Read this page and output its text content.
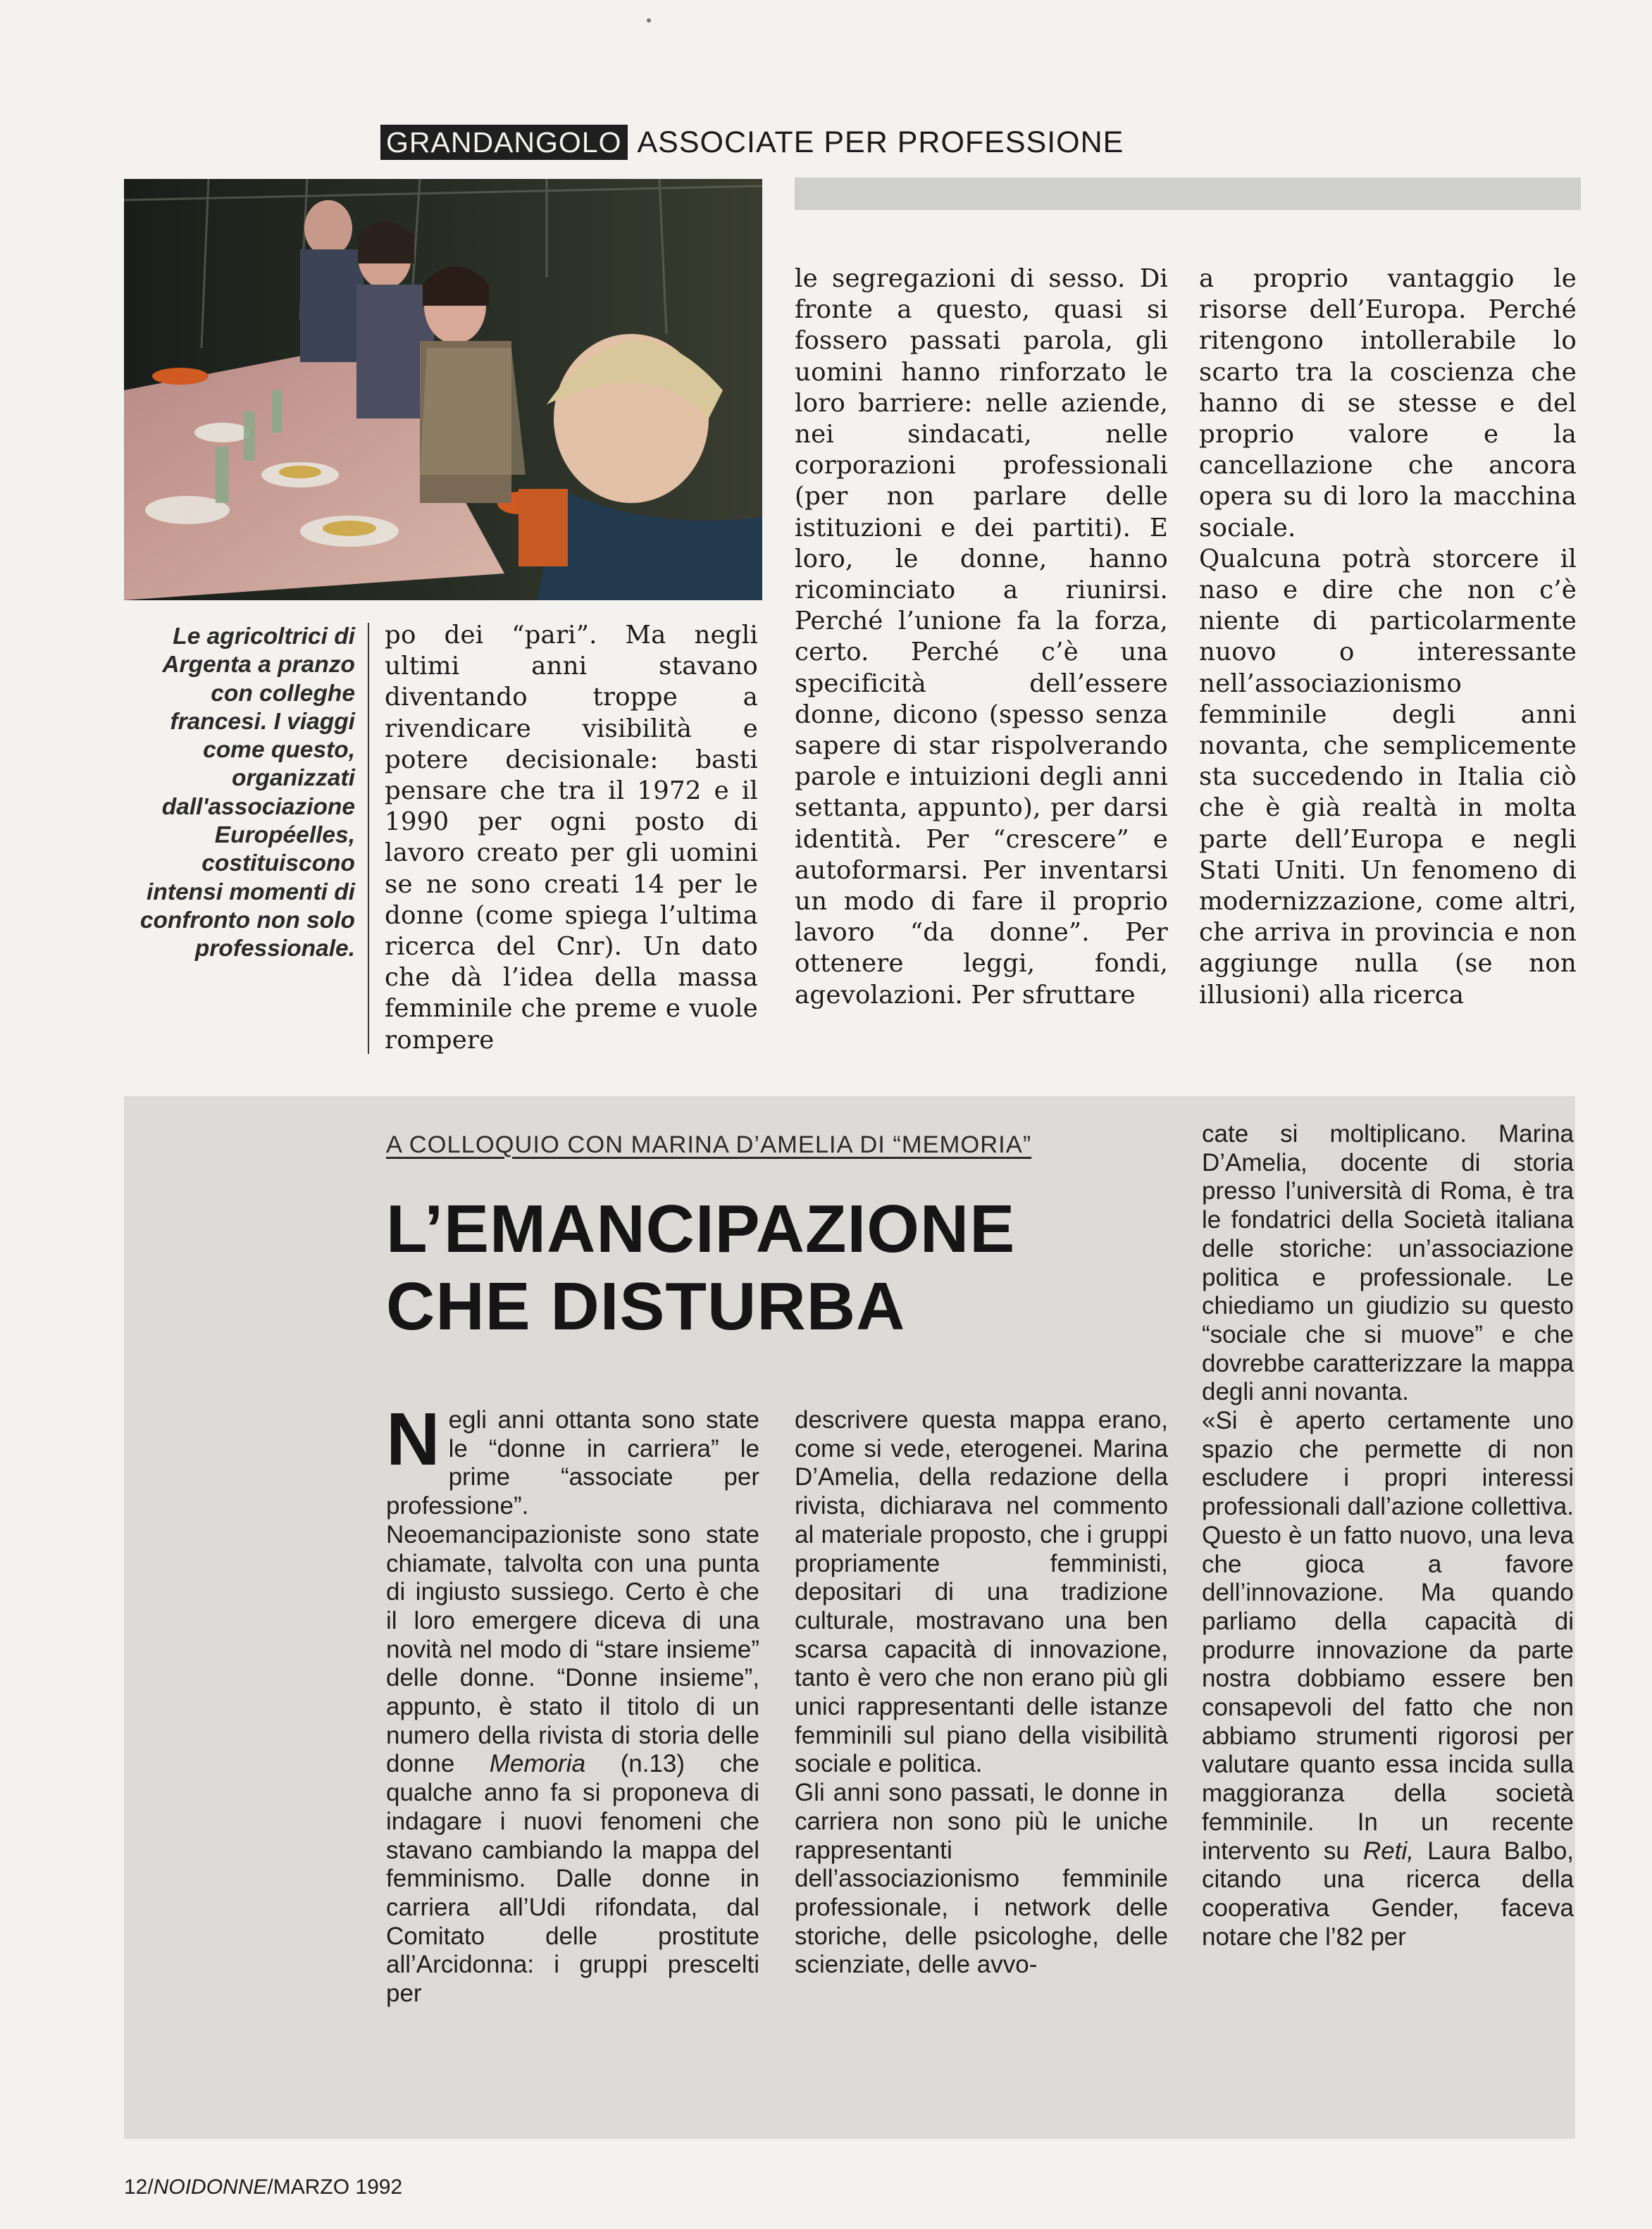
GRANDANGOLO ASSOCIATE PER PROFESSIONE
Le agricoltrici di Argenta a pranzo con colleghe francesi. I viaggi come questo, organizzati dall'associazione Européelles, costituiscono intensi momenti di confronto non solo professionale.

po dei “pari”. Ma negli ultimi anni stavano diventando troppe a rivendicare visibilità e potere decisionale: basti pensare che tra il 1972 e il 1990 per ogni posto di lavoro creato per gli uomini se ne sono creati 14 per le donne (come spiega l’ultima ricerca del Cnr). Un dato che dà l’idea della massa femminile che preme e vuole rompere

le segregazioni di sesso. Di fronte a questo, quasi si fossero passati parola, gli uomini hanno rinforzato le loro barriere: nelle aziende, nei sindacati, nelle corporazioni professionali (per non parlare delle istituzioni e dei partiti). E loro, le donne, hanno ricominciato a riunirsi. Perché l’unione fa la forza, certo. Perché c’è una specificità dell’essere donne, dicono (spesso senza sapere di star rispolverando parole e intuizioni degli anni settanta, appunto), per darsi identità. Per “crescere” e autoformarsi. Per inventarsi un modo di fare il proprio lavoro “da donne”. Per ottenere leggi, fondi, agevolazioni. Per sfruttare

a proprio vantaggio le risorse dell’Europa. Perché ritengono intollerabile lo scarto tra la coscienza che hanno di se stesse e del proprio valore e la cancellazione che ancora opera su di loro la macchina sociale.

Qualcuna potrà storcere il naso e dire che non c’è niente di particolarmente nuovo o interessante nell’associazionismo femminile degli anni novanta, che semplicemente sta succedendo in Italia ciò che è già realtà in molta parte dell’Europa e negli Stati Uniti. Un fenomeno di modernizzazione, come altri, che arriva in provincia e non aggiunge nulla (se non illusioni) alla ricerca

A COLLOQUIO CON MARINA D’AMELIA DI “MEMORIA”
L’EMANCIPAZIONE
CHE DISTURBA

Negli anni ottanta sono state le “donne in carriera” le prime “associate per professione”. Neoemancipazioniste sono state chiamate, talvolta con una punta di ingiusto sussiego. Certo è che il loro emergere diceva di una novità nel modo di “stare insieme” delle donne. “Donne insieme”, appunto, è stato il titolo di un numero della rivista di storia delle donne Memoria (n.13) che qualche anno fa si proponeva di indagare i nuovi fenomeni che stavano cambiando la mappa del femminismo. Dalle donne in carriera all’Udi rifondata, dal Comitato delle prostitute all’Arcidonna: i gruppi prescelti per

descrivere questa mappa erano, come si vede, eterogenei. Marina D’Amelia, della redazione della rivista, dichiarava nel commento al materiale proposto, che i gruppi propriamente femministi, depositari di una tradizione culturale, mostravano una ben scarsa capacità di innovazione, tanto è vero che non erano più gli unici rappresentanti delle istanze femminili sul piano della visibilità sociale e politica.

Gli anni sono passati, le donne in carriera non sono più le uniche rappresentanti dell’associazionismo femminile professionale, i network delle storiche, delle psicologhe, delle scienziate, delle avvo-

cate si moltiplicano. Marina D’Amelia, docente di storia presso l’università di Roma, è tra le fondatrici della Società italiana delle storiche: un’associazione politica e professionale. Le chiediamo un giudizio su questo “sociale che si muove” e che dovrebbe caratterizzare la mappa degli anni novanta.

«Si è aperto certamente uno spazio che permette di non escludere i propri interessi professionali dall’azione collettiva. Questo è un fatto nuovo, una leva che gioca a favore dell’innovazione. Ma quando parliamo della capacità di produrre innovazione da parte nostra dobbiamo essere ben consapevoli del fatto che non abbiamo strumenti rigorosi per valutare quanto essa incida sulla maggioranza della società femminile. In un recente intervento su Reti, Laura Balbo, citando una ricerca della cooperativa Gender, faceva notare che l’82 per

12/NOIDONNE/MARZO 1992
